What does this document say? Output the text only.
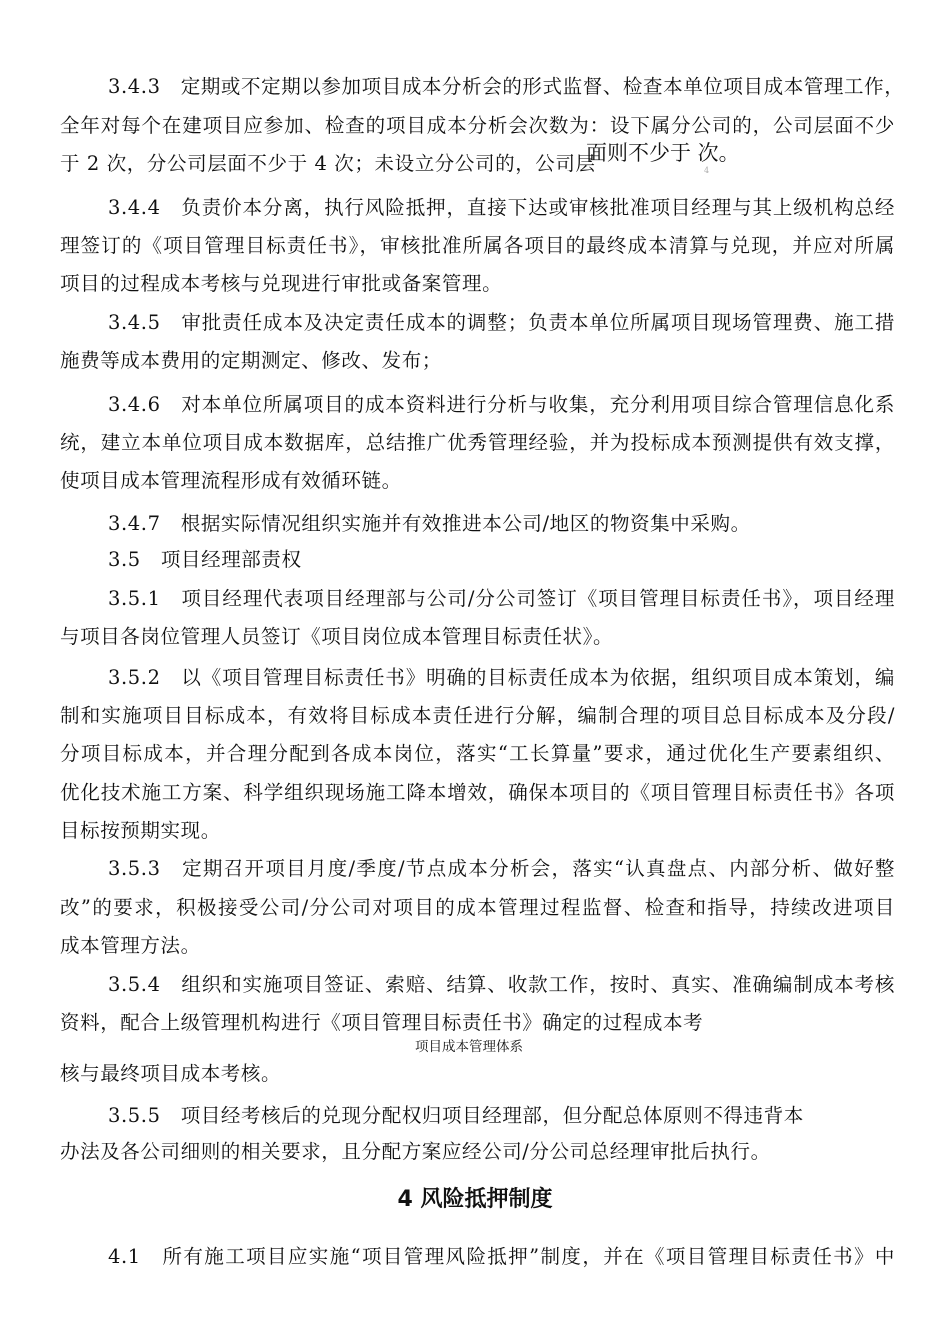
3.4.3　定期或不定期以参加项目成本分析会的形式监督、检查本单位项目成本管理工作，
全年对每个在建项目应参加、检查的项目成本分析会次数为：设下属分公司的，公司层面不少
于 2 次，分公司层面不少于 4 次；未设立分公司的，公司层
面则不少于 次。
4
3.4.4　负责价本分离，执行风险抵押，直接下达或审核批准项目经理与其上级机构总经
理签订的《项目管理目标责任书》，审核批准所属各项目的最终成本清算与兑现，并应对所属
项目的过程成本考核与兑现进行审批或备案管理。
3.4.5　审批责任成本及决定责任成本的调整；负责本单位所属项目现场管理费、施工措
施费等成本费用的定期测定、修改、发布；
3.4.6　对本单位所属项目的成本资料进行分析与收集，充分利用项目综合管理信息化系
统，建立本单位项目成本数据库，总结推广优秀管理经验，并为投标成本预测提供有效支撑，
使项目成本管理流程形成有效循环链。
3.4.7　根据实际情况组织实施并有效推进本公司/地区的物资集中采购。
3.5　项目经理部责权
3.5.1　项目经理代表项目经理部与公司/分公司签订《项目管理目标责任书》，项目经理
与项目各岗位管理人员签订《项目岗位成本管理目标责任状》。
3.5.2　以《项目管理目标责任书》明确的目标责任成本为依据，组织项目成本策划，编
制和实施项目目标成本，有效将目标成本责任进行分解，编制合理的项目总目标成本及分段/
分项目标成本，并合理分配到各成本岗位，落实“工长算量”要求，通过优化生产要素组织、
优化技术施工方案、科学组织现场施工降本增效，确保本项目的《项目管理目标责任书》各项
目标按预期实现。
3.5.3　定期召开项目月度/季度/节点成本分析会，落实“认真盘点、内部分析、做好整
改”的要求，积极接受公司/分公司对项目的成本管理过程监督、检查和指导，持续改进项目
成本管理方法。
3.5.4　组织和实施项目签证、索赔、结算、收款工作，按时、真实、准确编制成本考核
资料，配合上级管理机构进行《项目管理目标责任书》确定的过程成本考
项目成本管理体系
核与最终项目成本考核。
3.5.5　项目经考核后的兑现分配权归项目经理部，但分配总体原则不得违背本
办法及各公司细则的相关要求，且分配方案应经公司/分公司总经理审批后执行。
4 风险抵押制度
4.1　所有施工项目应实施“项目管理风险抵押”制度，并在《项目管理目标责任书》中
